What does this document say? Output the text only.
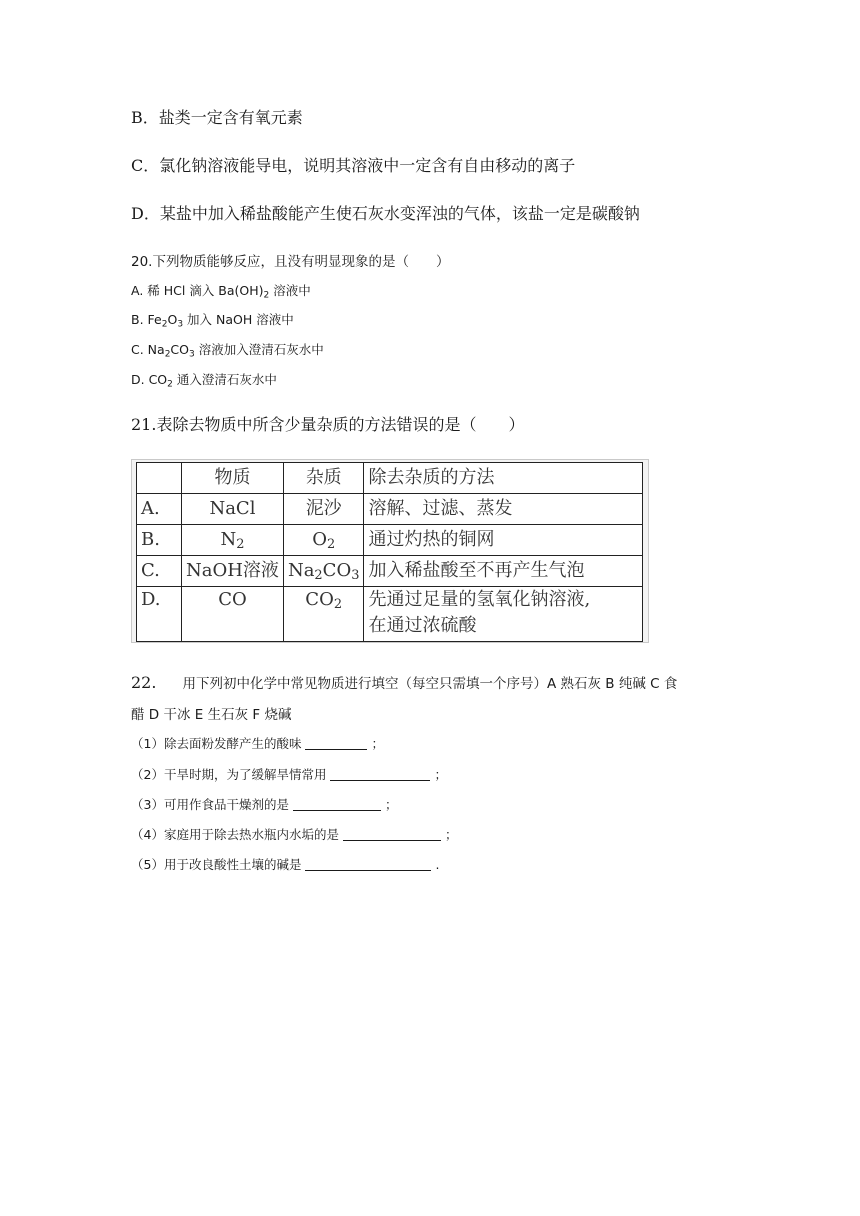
B．盐类一定含有氧元素
C．氯化钠溶液能导电，说明其溶液中一定含有自由移动的离子
D．某盐中加入稀盐酸能产生使石灰水变浑浊的气体，该盐一定是碳酸钠
20.下列物质能够反应，且没有明显现象的是（　　）
A. 稀 HCl 滴入 $Ba(OH)_2$ 溶液中
B. $Fe_2O_3$ 加入 NaOH 溶液中
C. $Na_2CO_3$ 溶液加入澄清石灰水中
D. $CO_2$ 通入澄清石灰水中
21.表除去物质中所含少量杂质的方法错误的是（　　）
	物质	杂质	除去杂质的方法
A.	NaCl	泥沙	溶解、过滤、蒸发
B.	$N_2$	$O_2$	通过灼热的铜网
C.	NaOH溶液	$Na_2CO_3$	加入稀盐酸至不再产生气泡
D.	CO	$CO_2$	先通过足量的氢氧化钠溶液,
在通过浓硫酸
22. 用下列初中化学中常见物质进行填空（每空只需填一个序号）A 熟石灰 B 纯碱 C 食
醋 D 干冰 E 生石灰 F 烧碱
（1）除去面粉发酵产生的酸味	；
（2）干旱时期，为了缓解旱情常用	；
（3）可用作食品干燥剂的是	；
（4）家庭用于除去热水瓶内水垢的是	；
（5）用于改良酸性土壤的碱是	.
